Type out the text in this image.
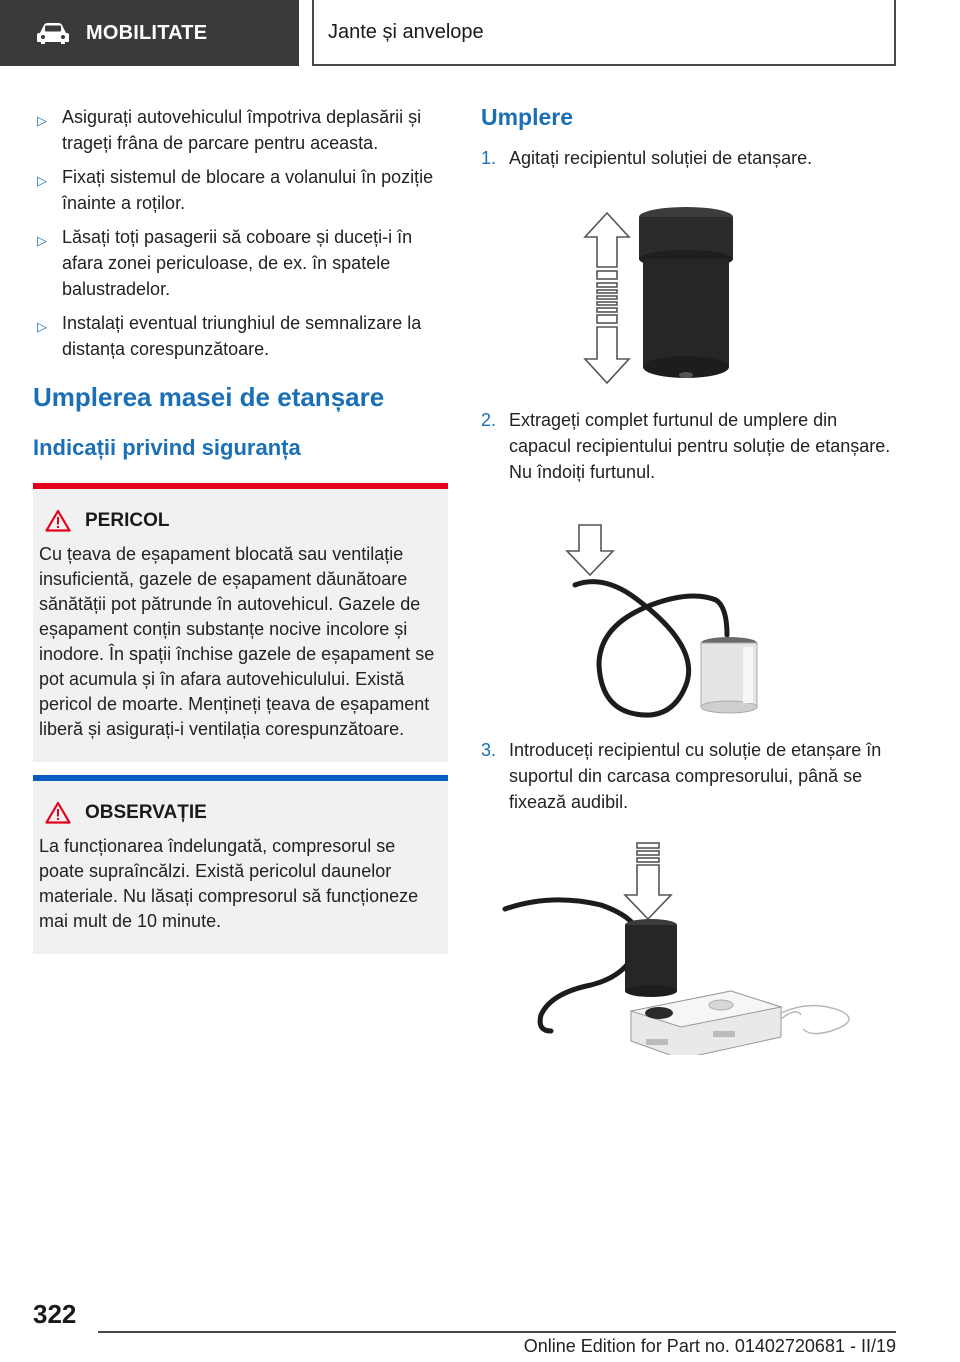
MOBILITATE	Jante și anvelope
▷ Asigurați autovehiculul împotriva deplasării și trageți frâna de parcare pentru aceasta.
▷ Fixați sistemul de blocare a volanului în poziție înainte a roților.
▷ Lăsați toți pasagerii să coboare și duceți-i în afara zonei periculoase, de ex. în spatele balustradelor.
▷ Instalați eventual triunghiul de semnalizare la distanța corespunzătoare.
Umplerea masei de etanșare
Indicații privind siguranța
PERICOL
Cu țeava de eșapament blocată sau ventilație insuficientă, gazele de eșapament dăunătoare sănătății pot pătrunde în autovehicul. Gazele de eșapament conțin substanțe nocive incolore și inodore. În spații închise gazele de eșapament se pot acumula și în afara autovehiculului. Există pericol de moarte. Mențineți țeava de eșapament liberă și asigurați-i ventilația corespunzătoare.
OBSERVAȚIE
La funcționarea îndelungată, compresorul se poate supraîncălzi. Există pericolul daunelor materiale. Nu lăsați compresorul să funcționeze mai mult de 10 minute.
Umplere
1. Agitați recipientul soluției de etanșare.
2. Extrageți complet furtunul de umplere din capacul recipientului pentru soluție de etanșare. Nu îndoiți furtunul.
3. Introduceți recipientul cu soluție de etanșare în suportul din carcasa compresorului, până se fixează audibil.
322
Online Edition for Part no. 01402720681 - II/19
